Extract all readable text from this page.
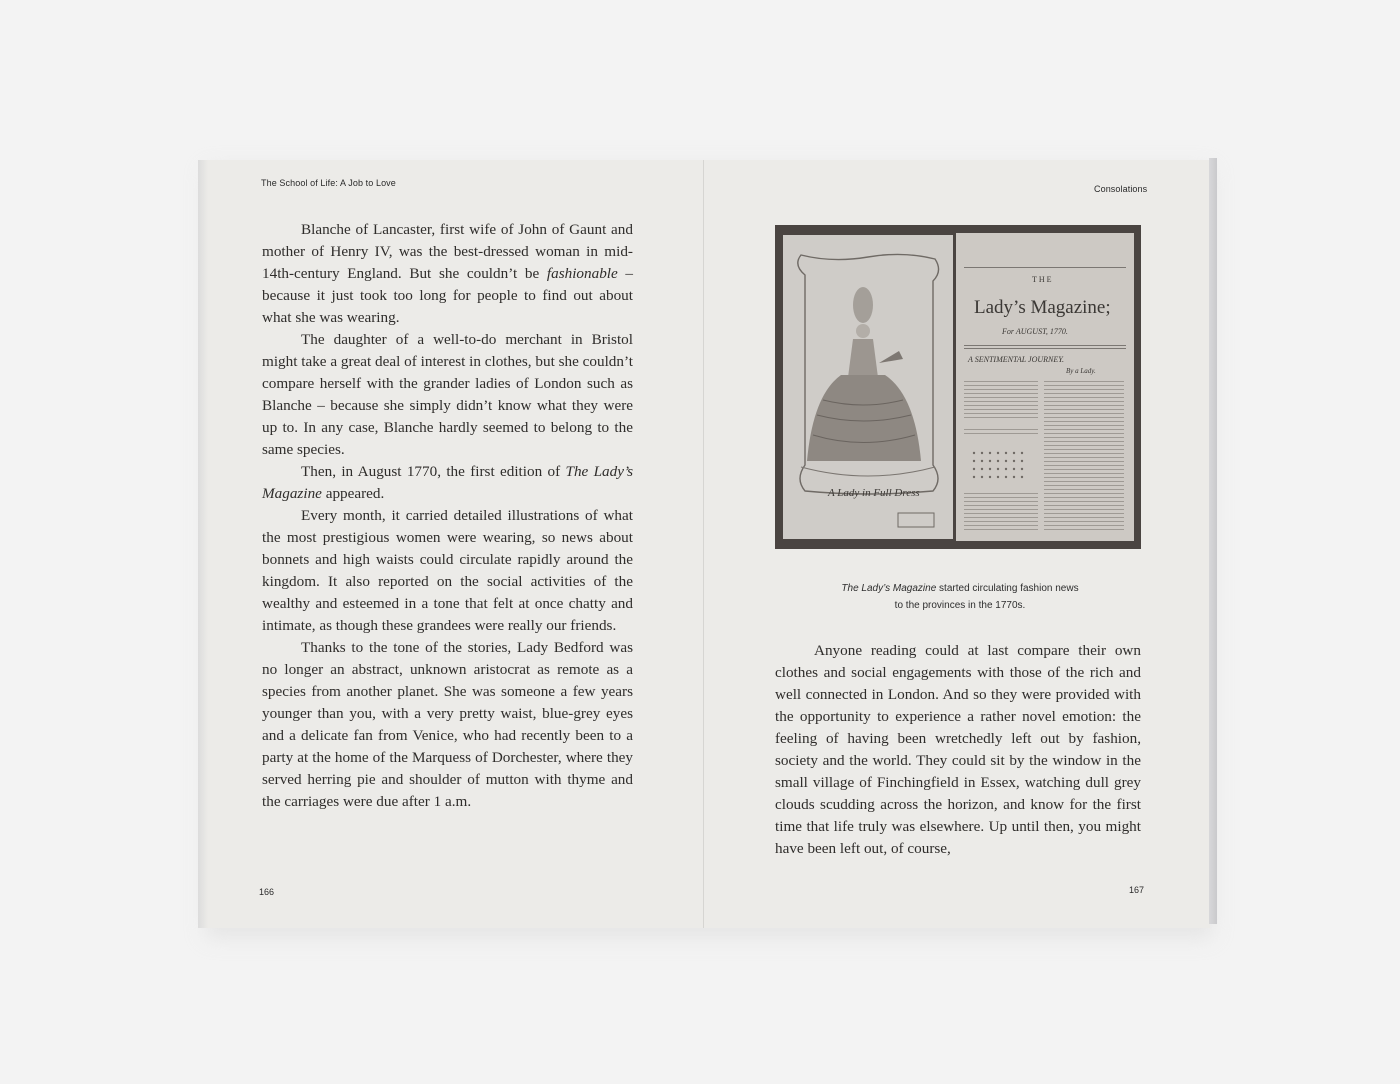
The School of Life: A Job to Love

Blanche of Lancaster, first wife of John of Gaunt and mother of Henry IV, was the best-dressed woman in mid-14th-century England. But she couldn’t be fashionable – because it just took too long for people to find out about what she was wearing.

The daughter of a well-to-do merchant in Bristol might take a great deal of interest in clothes, but she couldn’t compare herself with the grander ladies of London such as Blanche – because she simply didn’t know what they were up to. In any case, Blanche hardly seemed to belong to the same species.

Then, in August 1770, the first edition of The Lady’s Magazine appeared.

Every month, it carried detailed illustrations of what the most prestigious women were wearing, so news about bonnets and high waists could circulate rapidly around the kingdom. It also reported on the social activities of the wealthy and esteemed in a tone that felt at once chatty and intimate, as though these grandees were really our friends.

Thanks to the tone of the stories, Lady Bedford was no longer an abstract, unknown aristocrat as remote as a species from another planet. She was someone a few years younger than you, with a very pretty waist, blue-grey eyes and a delicate fan from Venice, who had recently been to a party at the home of the Marquess of Dorchester, where they served herring pie and shoulder of mutton with thyme and the carriages were due after 1 a.m.

166
Consolations
A Lady in Full Dress
THE
Lady’s Magazine;
For AUGUST, 1770.
A SENTIMENTAL JOURNEY.
By a Lady.
The Lady’s Magazine started circulating fashion news
to the provinces in the 1770s.

Anyone reading could at last compare their own clothes and social engagements with those of the rich and well connected in London. And so they were provided with the opportunity to experience a rather novel emotion: the feeling of having been wretchedly left out by fashion, society and the world. They could sit by the window in the small village of Finchingfield in Essex, watching dull grey clouds scudding across the horizon, and know for the first time that life truly was elsewhere. Up until then, you might have been left out, of course,

167
